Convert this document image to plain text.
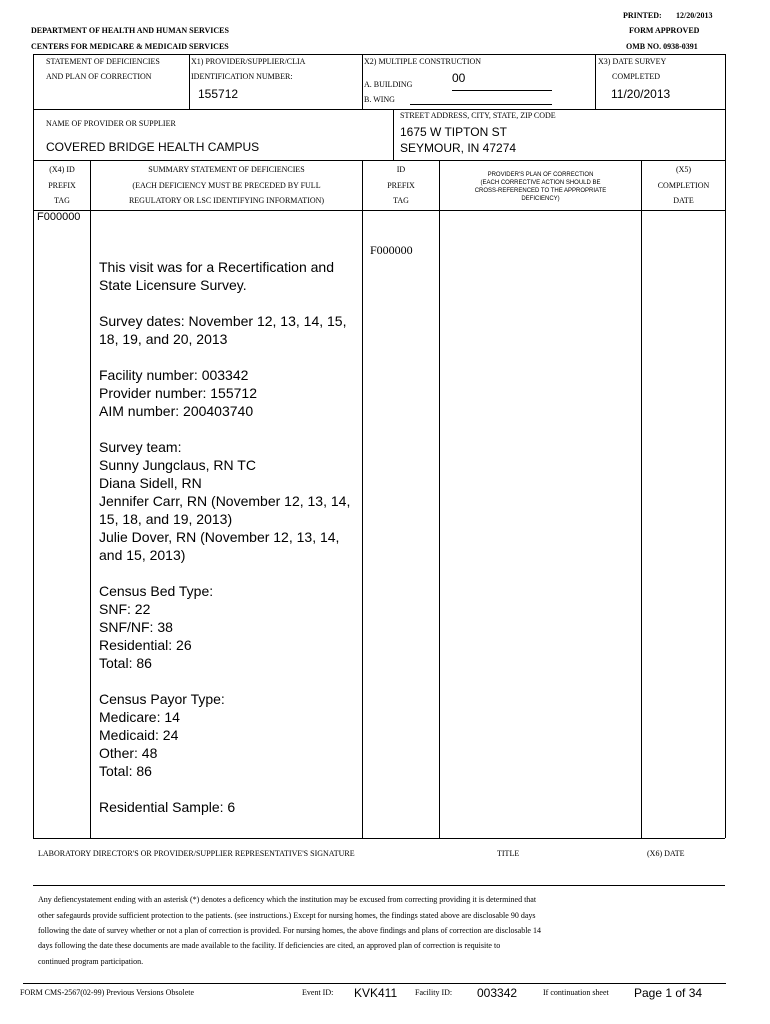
PRINTED: 12/20/2013
DEPARTMENT OF HEALTH AND HUMAN SERVICES	FORM APPROVED
CENTERS FOR MEDICARE & MEDICAID SERVICES	OMB NO. 0938-0391
STATEMENT OF DEFICIENCIES
AND PLAN OF CORRECTION
X1) PROVIDER/SUPPLIER/CLIA
IDENTIFICATION NUMBER:
155712
X2) MULTIPLE CONSTRUCTION
00
A. BUILDING
B. WING
X3) DATE SURVEY
COMPLETED
11/20/2013
NAME OF PROVIDER OR SUPPLIER
COVERED BRIDGE HEALTH CAMPUS
STREET ADDRESS, CITY, STATE, ZIP CODE
1675 W TIPTON ST
SEYMOUR, IN 47274
(X4) ID
PREFIX
TAG
SUMMARY STATEMENT OF DEFICIENCIES
(EACH DEFICIENCY MUST BE PRECEDED BY FULL
REGULATORY OR LSC IDENTIFYING INFORMATION)
ID
PREFIX
TAG
PROVIDER'S PLAN OF CORRECTION
(EACH CORRECTIVE ACTION SHOULD BE
CROSS-REFERENCED TO THE APPROPRIATE
DEFICIENCY)
(X5)
COMPLETION
DATE
F000000
F000000
This visit was for a Recertification and State Licensure Survey.

Survey dates: November 12, 13, 14, 15, 18, 19, and 20, 2013

Facility number: 003342
Provider number: 155712
AIM number: 200403740

Survey team:
Sunny Jungclaus, RN TC
Diana Sidell, RN
Jennifer Carr, RN (November 12, 13, 14, 15, 18, and 19, 2013)
Julie Dover, RN (November 12, 13, 14, and 15, 2013)

Census Bed Type:
SNF: 22
SNF/NF: 38
Residential: 26
Total: 86

Census Payor Type:
Medicare: 14
Medicaid: 24
Other: 48
Total: 86

Residential Sample: 6
LABORATORY DIRECTOR'S OR PROVIDER/SUPPLIER REPRESENTATIVE'S SIGNATURE	TITLE	(X6) DATE
Any defiencystatement ending with an asterisk (*) denotes a deficency which the institution may be excused from correcting providing it is determined that
other safegaurds provide sufficient protection to the patients. (see instructions.) Except for nursing homes, the findings stated above are disclosable 90 days
following the date of survey whether or not a plan of correction is provided. For nursing homes, the above findings and plans of correction are disclosable 14
days following the date these documents are made available to the facility. If deficiencies are cited, an approved plan of correction is requisite to
continued program participation.
FORM CMS-2567(02-99) Previous Versions Obsolete	Event ID: KVK411 Facility ID: 003342	If continuation sheet Page 1 of 34
